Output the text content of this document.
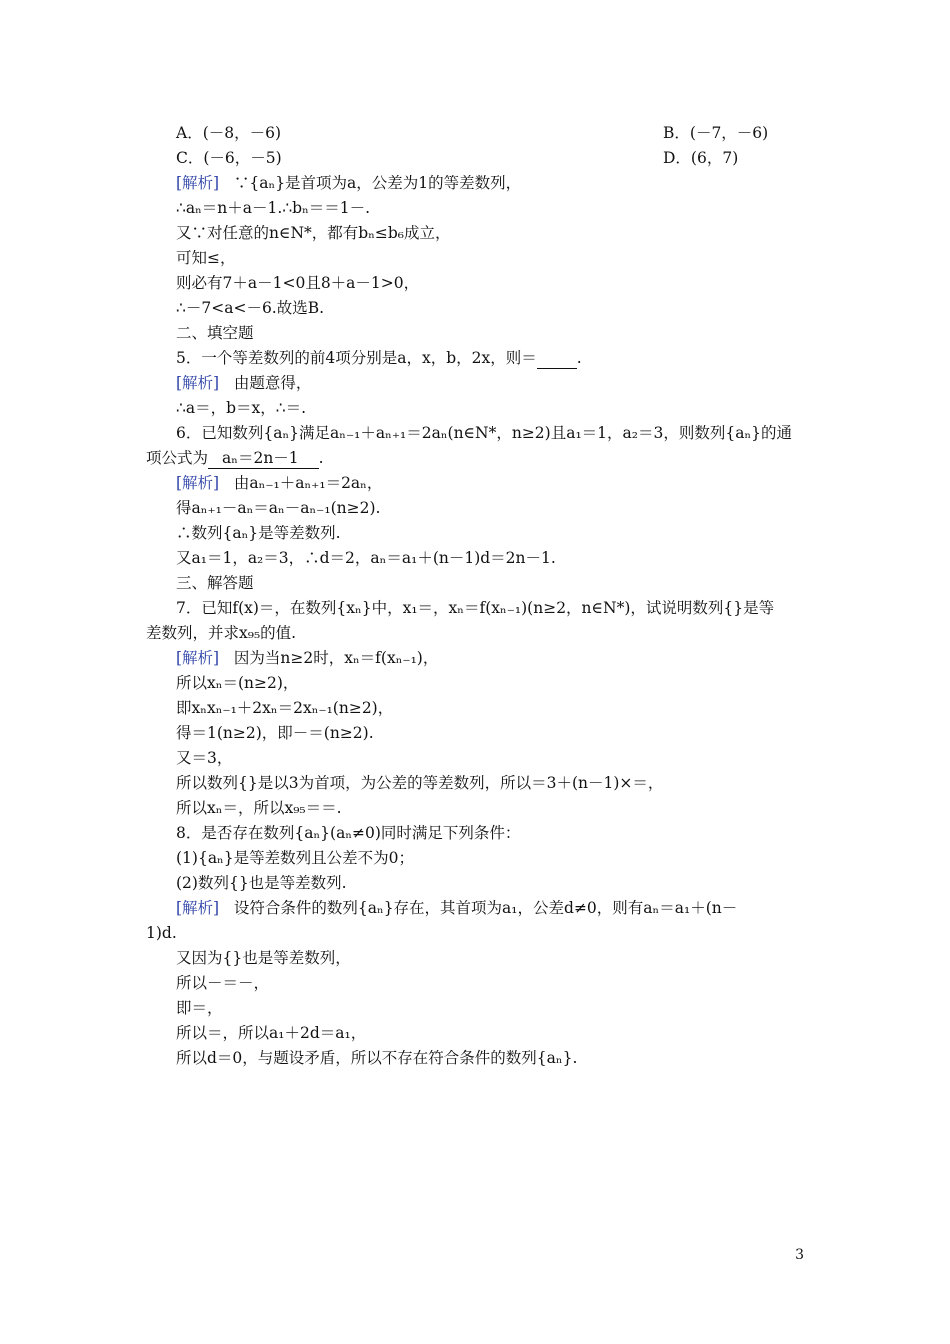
A．(－8，－6)	B．(－7，－6)
C．(－6，－5)	D．(6，7)
[解析] ∵{aₙ}是首项为a，公差为1的等差数列，
∴aₙ＝n＋a－1.∴bₙ＝＝1－.
又∵对任意的n∈N*，都有bₙ≤b₆成立，
可知≤，
则必有7＋a－1<0且8＋a－1>0，
∴－7<a<－6.故选B.
二、填空题
5．一个等差数列的前4项分别是a，x，b，2x，则＝	.
[解析] 由题意得，
∴a＝，b＝x，∴＝.
6．已知数列{aₙ}满足aₙ₋₁＋aₙ₊₁＝2aₙ(n∈N*，n≥2)且a₁＝1，a₂＝3，则数列{aₙ}的通
项公式为 aₙ＝2n－1 .
[解析] 由aₙ₋₁＋aₙ₊₁＝2aₙ，
得aₙ₊₁－aₙ＝aₙ－aₙ₋₁(n≥2).
∴数列{aₙ}是等差数列.
又a₁＝1，a₂＝3，∴d＝2，aₙ＝a₁＋(n－1)d＝2n－1.
三、解答题
7．已知f(x)＝，在数列{xₙ}中，x₁＝，xₙ＝f(xₙ₋₁)(n≥2，n∈N*)，试说明数列{}是等
差数列，并求x₉₅的值.
[解析] 因为当n≥2时，xₙ＝f(xₙ₋₁)，
所以xₙ＝(n≥2)，
即xₙxₙ₋₁＋2xₙ＝2xₙ₋₁(n≥2)，
得＝1(n≥2)，即－＝(n≥2).
又＝3，
所以数列{}是以3为首项，为公差的等差数列，所以＝3＋(n－1)×＝，
所以xₙ＝，所以x₉₅＝＝.
8．是否存在数列{aₙ}(aₙ≠0)同时满足下列条件：
(1){aₙ}是等差数列且公差不为0；
(2)数列{}也是等差数列.
[解析] 设符合条件的数列{aₙ}存在，其首项为a₁，公差d≠0，则有aₙ＝a₁＋(n－
1)d.
又因为{}也是等差数列，
所以－＝－，
即＝，
所以＝，所以a₁＋2d＝a₁，
所以d＝0，与题设矛盾，所以不存在符合条件的数列{aₙ}.
3
